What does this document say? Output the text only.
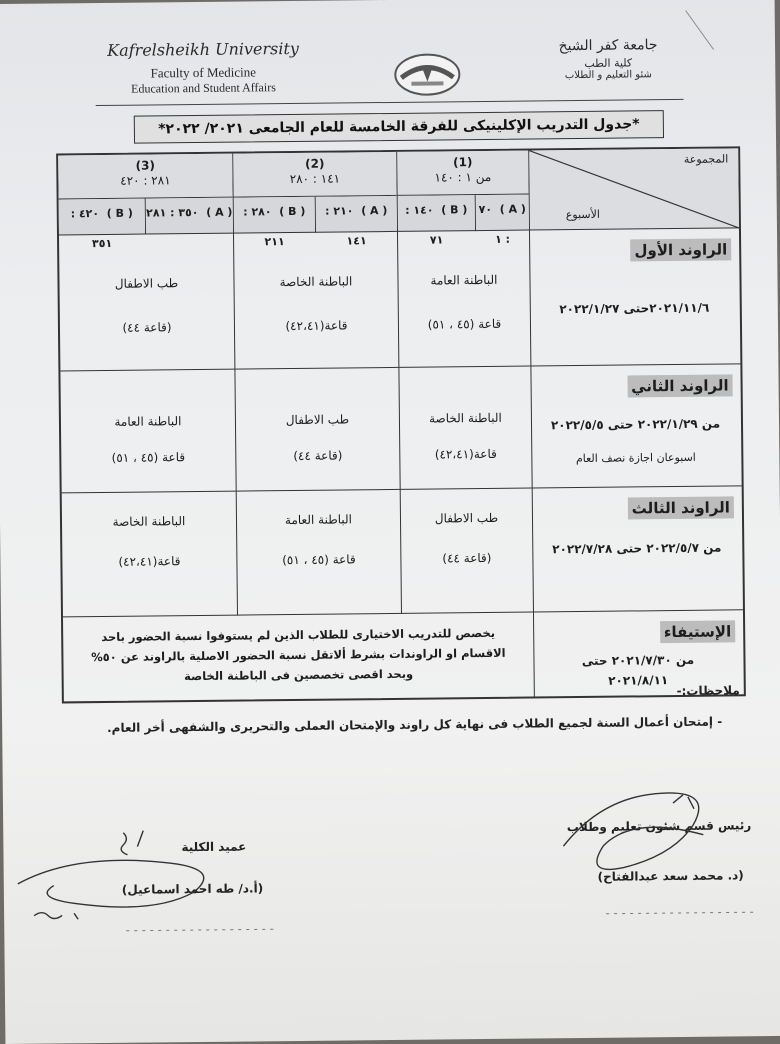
Kafrelsheikh University
Faculty of Medicine
Education and Student Affairs
جامعة كفر الشيخ
كلية الطب
شئو التعليم و الطلاب
*جدول التدريب الإكلينيكى للفرقة الخامسة للعام الجامعى ٢٠٢١/ ٢٠٢٢*
المجموعة
الأسبوع
(1)
من ١ : ١٤٠
(2)
١٤١ : ٢٨٠
(3)
٢٨١ : ٤٢٠
( A )  ٧٠ : ١
( B )  ١٤٠ : ٧١
( A )  ٢١٠ : ١٤١
( B )  ٢٨٠ : ٢١١
( A )  ٣٥٠ : ٢٨١
( B )  ٤٢٠ : ٣٥١	الراوند الأول
٢٠٢١/١١/٦حتى ٢٠٢٢/١/٢٧
الباطنة العامة
قاعة (٤٥ ، ٥١)
الباطنة الخاصة
قاعة(٤٢،٤١)
طب الاطفال
(قاعة ٤٤)
الراوند الثاني
من ٢٠٢٢/١/٢٩ حتى ٢٠٢٢/٥/٥
اسبوعان اجازة نصف العام
الباطنة الخاصة
قاعة(٤٢،٤١)
طب الاطفال
(قاعة ٤٤)
الباطنة العامة
قاعة (٤٥ ، ٥١)
الراوند الثالث
من ٢٠٢٢/٥/٧ حتى ٢٠٢٢/٧/٢٨
طب الاطفال
(قاعة ٤٤)
الباطنة العامة
قاعة (٤٥ ، ٥١)
الباطنة الخاصة
قاعة(٤٢،٤١)
الإستيفاء
من ٢٠٢١/٧/٣٠ حتى
٢٠٢١/٨/١١
يخصص للتدريب الاختيارى للطلاب الذين لم يستوفوا نسبة الحضور باحد الاقسام او الراوندات بشرط ألاتقل نسبة الحضور الاصلية بالراوند عن ٥٠% وبحد اقصى تخصصين فى الباطنة الخاصة
ملاحظات:-
- إمتحان أعمال السنة لجميع الطلاب فى نهاية كل راوند والإمتحان العملى والتحريرى والشفهى أخر العام.
رئيس قسم شئون تعليم وطلاب
(د. محمد سعد عبدالفتاح)
عميد الكلية
(أ.د/ طه احمد اسماعيل)
